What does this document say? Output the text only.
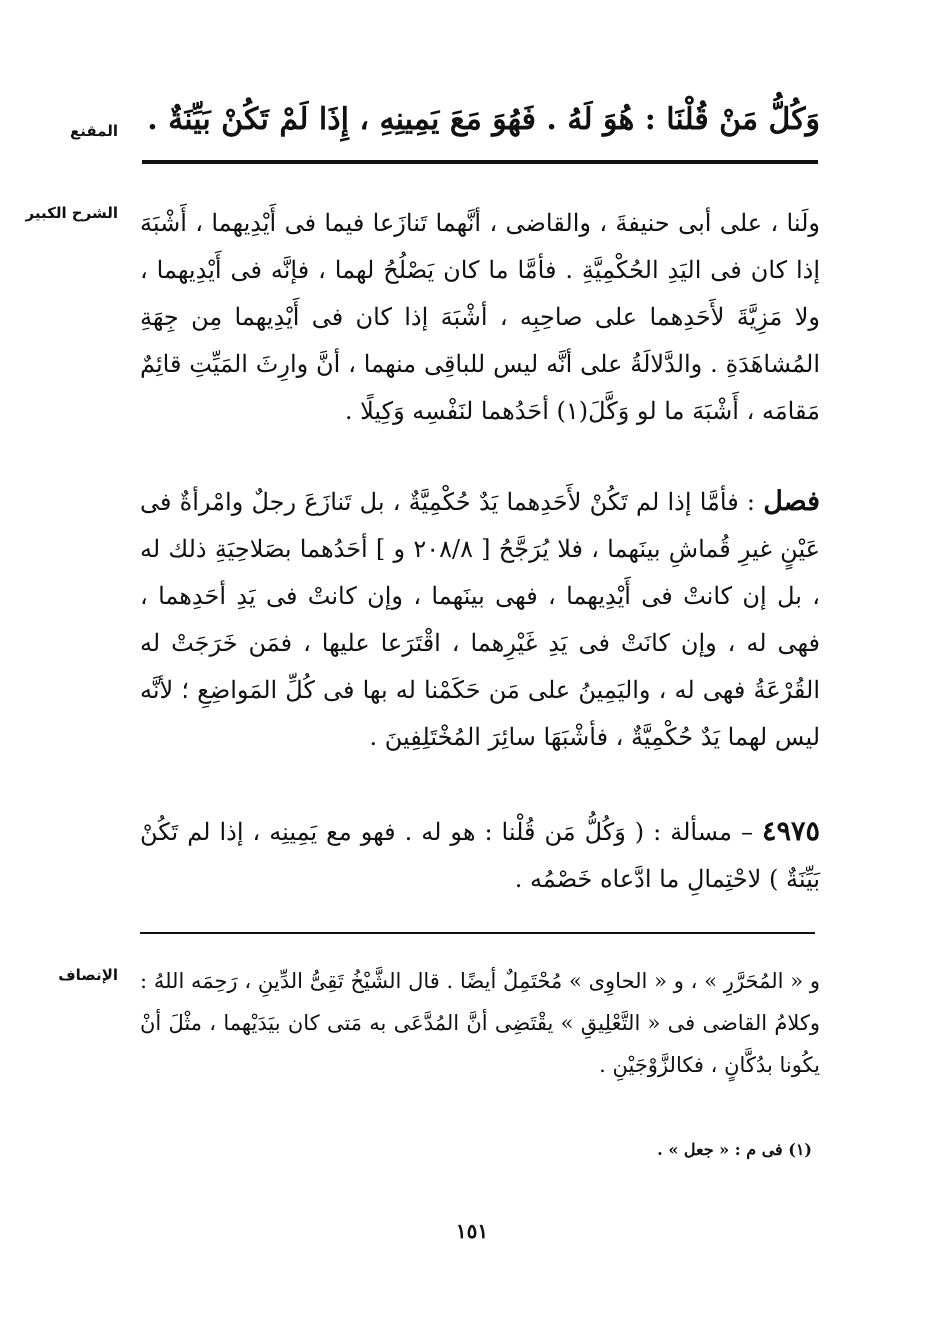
المقنع وَكُلُّ مَنْ قُلْنَا : هُوَ لَهُ . فَهُوَ مَعَ يَمِينِهِ ، إِذَا لَمْ تَكُنْ بَيِّنَةٌ .
الشرح الكبير ولَنا ، على أبى حنيفةَ ، والقاضى ، أنَّهما تَنازَعا فيما فى أَيْدِيهما ، أَشْبَهَ إذا كان فى اليَدِ الحُكْمِيَّةِ . فأمَّا ما كان يَصْلُحُ لهما ، فإنَّه فى أَيْدِيهما ، ولا مَزِيَّةَ لأَحَدِهما على صاحِبِه ، أشْبَهَ إذا كان فى أَيْدِيهما مِن جِهَةِ المُشاهَدَةِ . والدَّلالَةُ على أنَّه ليس للباقِى منهما ، أنَّ وارِثَ المَيِّتِ قائِمٌ مَقامَه ، أَشْبَهَ ما لو وَكَّلَ(١) أحَدُهما لنَفْسِه وَكِيلًا .
فصل : فأمَّا إذا لم تَكُنْ لأَحَدِهما يَدٌ حُكْمِيَّةٌ ، بل تَنازَعَ رجلٌ وامْرأةٌ فى عَيْنٍ غيرِ قُماشِ بينَهما ، فلا يُرَجَّحُ [ ٢٠٨/٨ و ] أحَدُهما بصَلاحِيَةِ ذلك له ، بل إن كانتْ فى أَيْدِيهما ، فهى بينَهما ، وإن كانتْ فى يَدِ أحَدِهما ، فهى له ، وإن كانَتْ فى يَدِ غَيْرِهما ، اقْتَرَعا عليها ، فمَن خَرَجَتْ له القُرْعَةُ فهى له ، واليَمِينُ على مَن حَكَمْنا له بها فى كُلِّ المَواضِعِ ؛ لأنَّه ليس لهما يَدٌ حُكْمِيَّةٌ ، فأشْبَهَا سائِرَ المُخْتَلِفِينَ .
٤٩٧٥ – مسألة : ( وَكُلُّ مَن قُلْنا : هو له . فهو مع يَمِينِه ، إذا لم تَكُنْ بَيِّنَةٌ ) لاحْتِمالِ ما ادَّعاه خَصْمُه .
الإنصاف و « المُحَرَّرِ » ، و « الحاوِى » مُحْتَمِلٌ أيضًا . قال الشَّيْخُ تَقِىُّ الدِّينِ ، رَحِمَه اللهُ : وكلامُ القاضى فى « التَّعْلِيقِ » يقْتَضِى أنَّ المُدَّعَى به مَتى كان بيَدَيْهما ، مثْلَ أنْ يكُونا بدُكَّانٍ ، فكالزَّوْجَيْنِ .
(١) فى م : « جعل » .
١٥١
